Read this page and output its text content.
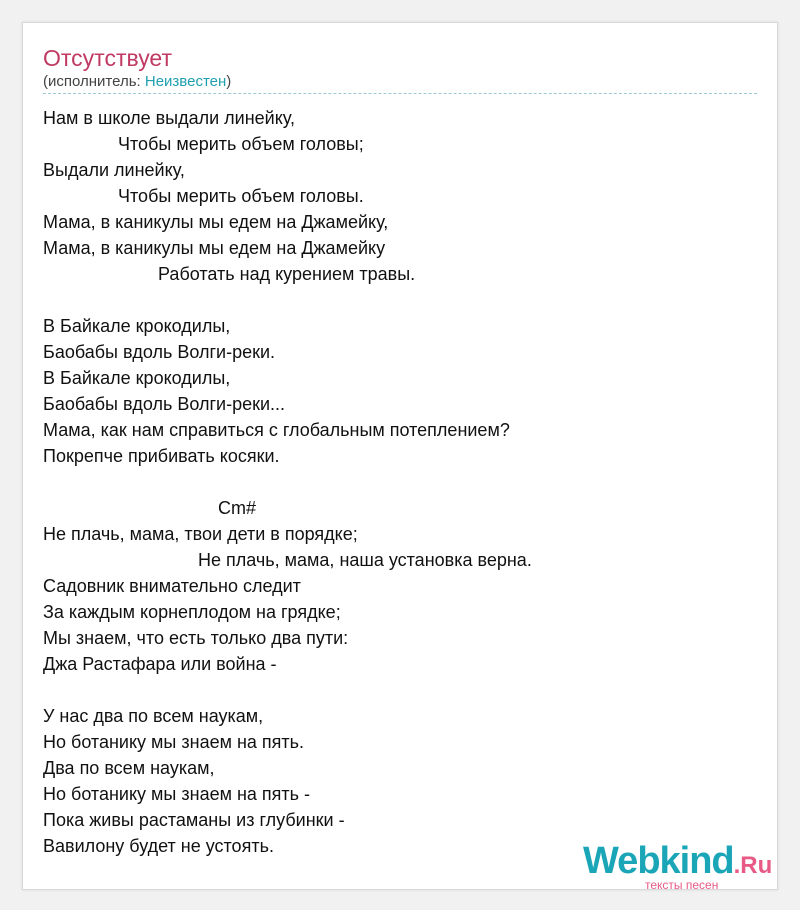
Отсутствует
(исполнитель: Неизвестен)
Нам в школе выдали линейку,
Чтобы мерить объем головы;
Выдали линейку,
Чтобы мерить объем головы.
Мама, в каникулы мы едем на Джамейку,
Мама, в каникулы мы едем на Джамейку
Работать над курением травы.
В Байкале крокодилы,
Баобабы вдоль Волги-реки.
В Байкале крокодилы,
Баобабы вдоль Волги-реки...
Мама, как нам справиться с глобальным потеплением?
Покрепче прибивать косяки.
Cm#
Не плачь, мама, твои дети в порядке;
Не плачь, мама, наша установка верна.
Садовник внимательно следит
За каждым корнеплодом на грядке;
Мы знаем, что есть только два пути:
Джа Растафара или война -
У нас два по всем наукам,
Но ботанику мы знаем на пять.
Два по всем наукам,
Но ботанику мы знаем на пять -
Пока живы растаманы из глубинки -
Вавилону будет не устоять.	Webkind.Ru
тексты песен
